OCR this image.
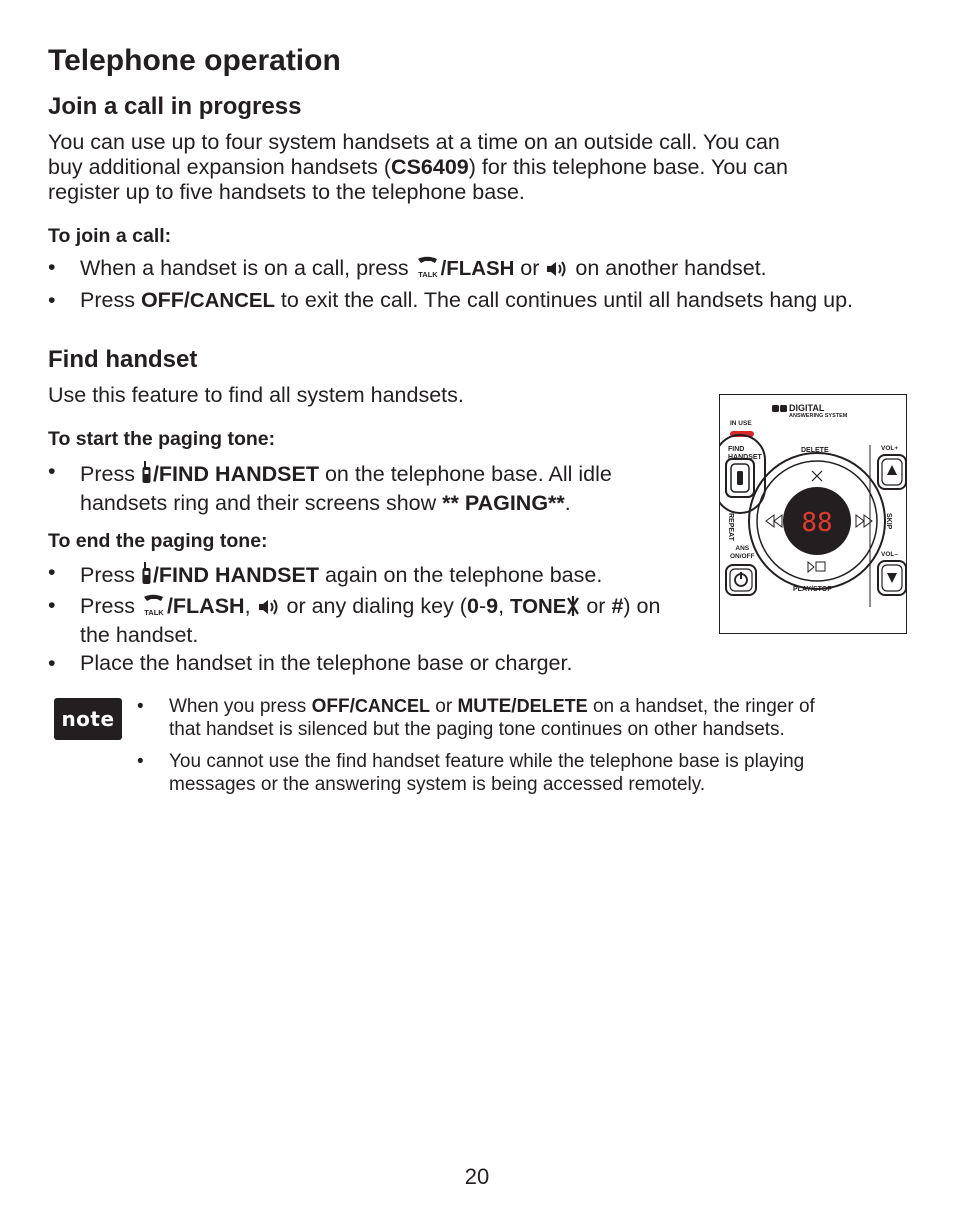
Telephone operation
Join a call in progress
You can use up to four system handsets at a time on an outside call. You can
buy additional expansion handsets (CS6409) for this telephone base. You can
register up to five handsets to the telephone base.
To join a call:
• When a handset is on a call, press TALK /FLASH or  on another handset.
• Press OFF/CANCEL to exit the call. The call continues until all handsets hang up.
Find handset
Use this feature to find all system handsets.
To start the paging tone:
• Press /FIND HANDSET on the telephone base. All idle
handsets ring and their screens show ** PAGING**.
To end the paging tone:
• Press /FIND HANDSET again on the telephone base.
• Press TALK /FLASH,  or any dialing key (0-9, TONE or #) on
the handset.
• Place the handset in the telephone base or charger.
88
DIGITAL
ANSWERING SYSTEM
IN USE
FIND
HANDSET
DELETE
REPEAT	SKIP
VOL+
VOL–
ANS
ON/OFF
PLAY/STOP
note
• When you press OFF/CANCEL or MUTE/DELETE on a handset, the ringer of
that handset is silenced but the paging tone continues on other handsets.
• You cannot use the find handset feature while the telephone base is playing
messages or the answering system is being accessed remotely.
20
